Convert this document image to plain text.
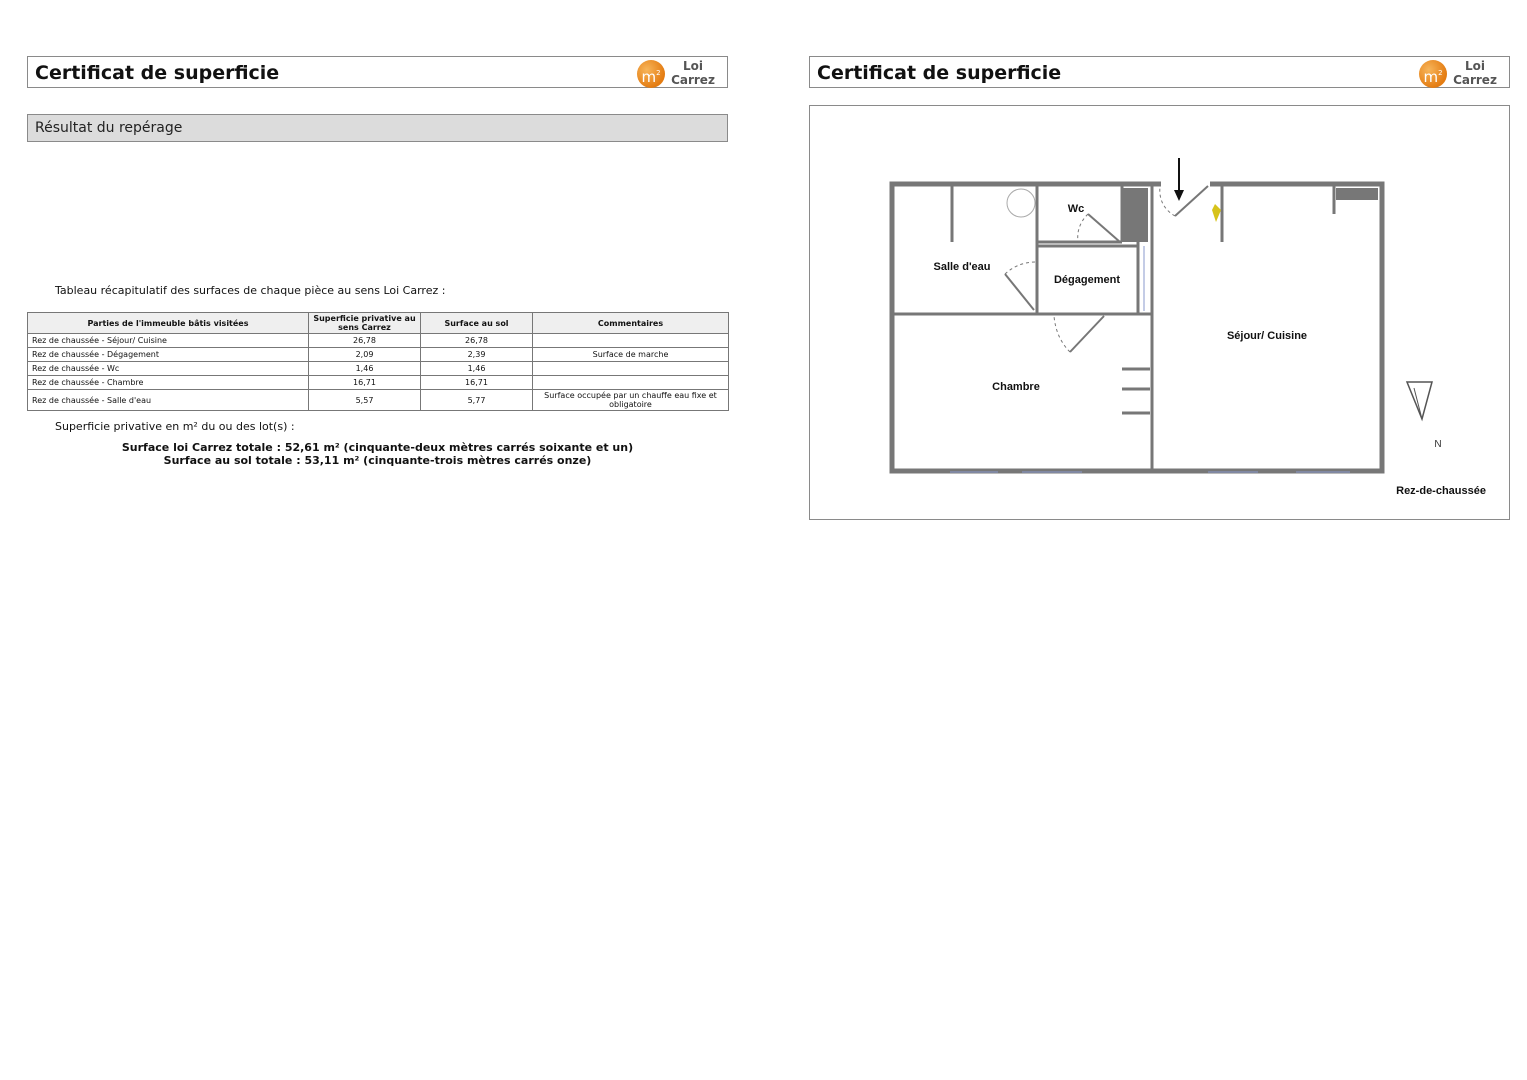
Certificat de superficie	$m^2$	Loi
Carrez
Résultat du repérage
Tableau récapitulatif des surfaces de chaque pièce au sens Loi Carrez :
Parties de l'immeuble bâtis visitées	Superficie privative au sens Carrez	Surface au sol	Commentaires
Rez de chaussée - Séjour/ Cuisine	26,78	26,78	
Rez de chaussée - Dégagement	2,09	2,39	Surface de marche
Rez de chaussée - Wc	1,46	1,46	
Rez de chaussée - Chambre	16,71	16,71	
Rez de chaussée - Salle d'eau	5,57	5,77	Surface occupée par un chauffe eau fixe et obligatoire
Superficie privative en m² du ou des lot(s) :
Surface loi Carrez totale : 52,61 m² (cinquante-deux mètres carrés soixante et un)
Surface au sol totale : 53,11 m² (cinquante-trois mètres carrés onze)
Certificat de superficie	$m^2$	Loi
Carrez
Salle d'eau
Wc
Dégagement
Séjour/ Cuisine
Chambre
N
Rez-de-chaussée
